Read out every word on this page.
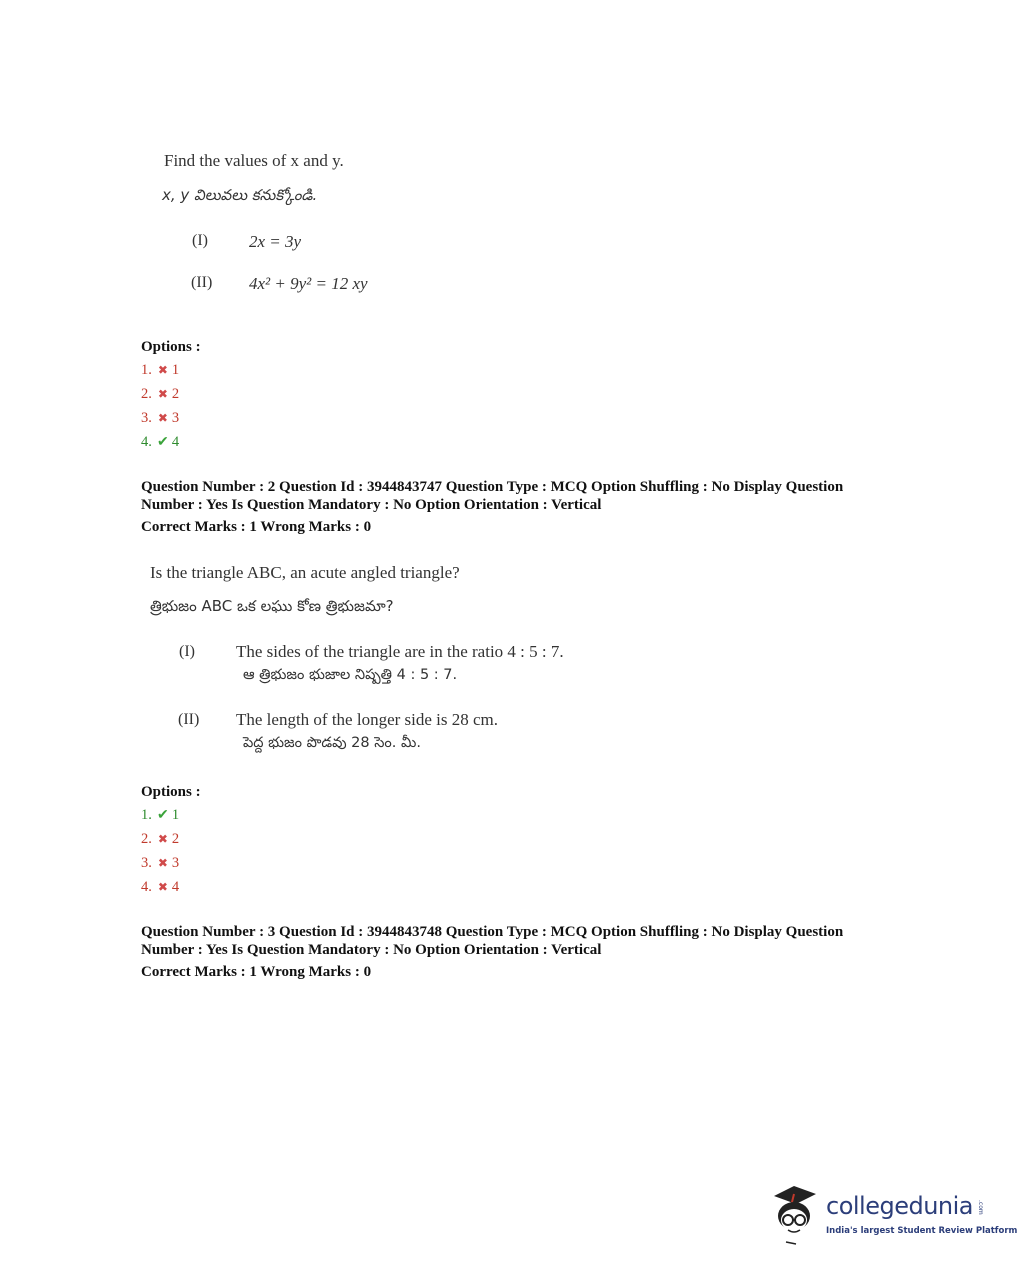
Find the values of x and y.
x, y విలువలు కనుక్కోండి.
(I) 2x = 3y
(II) 4x² + 9y² = 12 xy
Options :
1. ✖ 1
2. ✖ 2
3. ✖ 3
4. ✔ 4
Question Number : 2 Question Id : 3944843747 Question Type : MCQ Option Shuffling : No Display Question
Number : Yes Is Question Mandatory : No Option Orientation : Vertical
Correct Marks : 1 Wrong Marks : 0
Is the triangle ABC, an acute angled triangle?
త్రిభుజం ABC ఒక లఘు కోణ త్రిభుజమా?
(I) The sides of the triangle are in the ratio 4 : 5 : 7.
ఆ త్రిభుజం భుజాల నిష్పత్తి 4 : 5 : 7.
(II) The length of the longer side is 28 cm.
పెద్ద భుజం పొడవు 28 సెం. మీ.
Options :
1. ✔ 1
2. ✖ 2
3. ✖ 3
4. ✖ 4
Question Number : 3 Question Id : 3944843748 Question Type : MCQ Option Shuffling : No Display Question
Number : Yes Is Question Mandatory : No Option Orientation : Vertical
Correct Marks : 1 Wrong Marks : 0
collegedunia .com
India's largest Student Review Platform
